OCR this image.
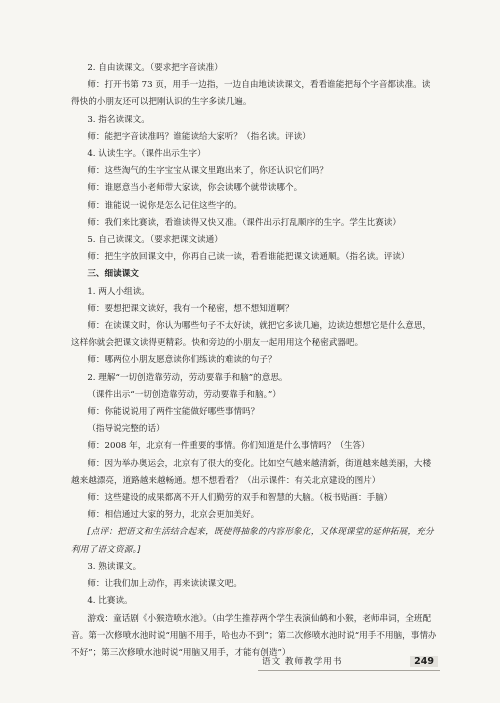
2. 自由读课文。（要求把字音读准）

师：打开书第 73 页，用手一边指，一边自由地读读课文，看看谁能把每个字音都读准。读得快的小朋友还可以把刚认识的生字多读几遍。

3. 指名读课文。

师：能把字音读准吗？谁能读给大家听？（指名读。评读）

4. 认读生字。（课件出示生字）

师：这些淘气的生字宝宝从课文里跑出来了，你还认识它们吗？

师：谁愿意当小老师带大家读，你会读哪个就带读哪个。

师：谁能说一说你是怎么记住这些字的。

师：我们来比赛读，看谁读得又快又准。（课件出示打乱顺序的生字。学生比赛读）

5. 自己读课文。（要求把课文读通）

师：把生字放回课文中，你再自己读一读，看看谁能把课文读通顺。（指名读。评读）

三、细读课文

1. 两人小组读。

师：要想把课文读好，我有一个秘密，想不想知道啊？

师：在读课文时，你认为哪些句子不太好读，就把它多读几遍，边读边想想它是什么意思，这样你就会把课文读得更精彩。快和旁边的小朋友一起用用这个秘密武器吧。

师：哪两位小朋友愿意读你们练读的难读的句子？

2. 理解“一切创造靠劳动，劳动要靠手和脑”的意思。

（课件出示“一切创造靠劳动，劳动要靠手和脑。”）

师：你能说说用了两件宝能做好哪些事情吗？

（指导说完整的话）

师：2008 年，北京有一件重要的事情。你们知道是什么事情吗？（生答）

师：因为举办奥运会，北京有了很大的变化。比如空气越来越清新，街道越来越美丽，大楼越来越漂亮，道路越来越畅通。想不想看看？（出示课件：有关北京建设的图片）

师：这些建设的成果都离不开人们勤劳的双手和智慧的大脑。（板书贴画：手脑）

师：相信通过大家的努力，北京会更加美好。

[点评：把语文和生活结合起来，既使得抽象的内容形象化，又体现课堂的延伸拓展，充分利用了语文资源。]

3. 熟读课文。

师：让我们加上动作，再来读读课文吧。

4. 比赛读。

游戏：童话剧《小猴造喷水池》。（由学生推荐两个学生表演仙鹤和小猴，老师串词，全班配音。第一次修喷水池时说“用脑不用手，哈也办不到”；第二次修喷水池时说“用手不用脑，事情办不好”；第三次修喷水池时说“用脑又用手，才能有创造”）

语文 教师教学用书	249
